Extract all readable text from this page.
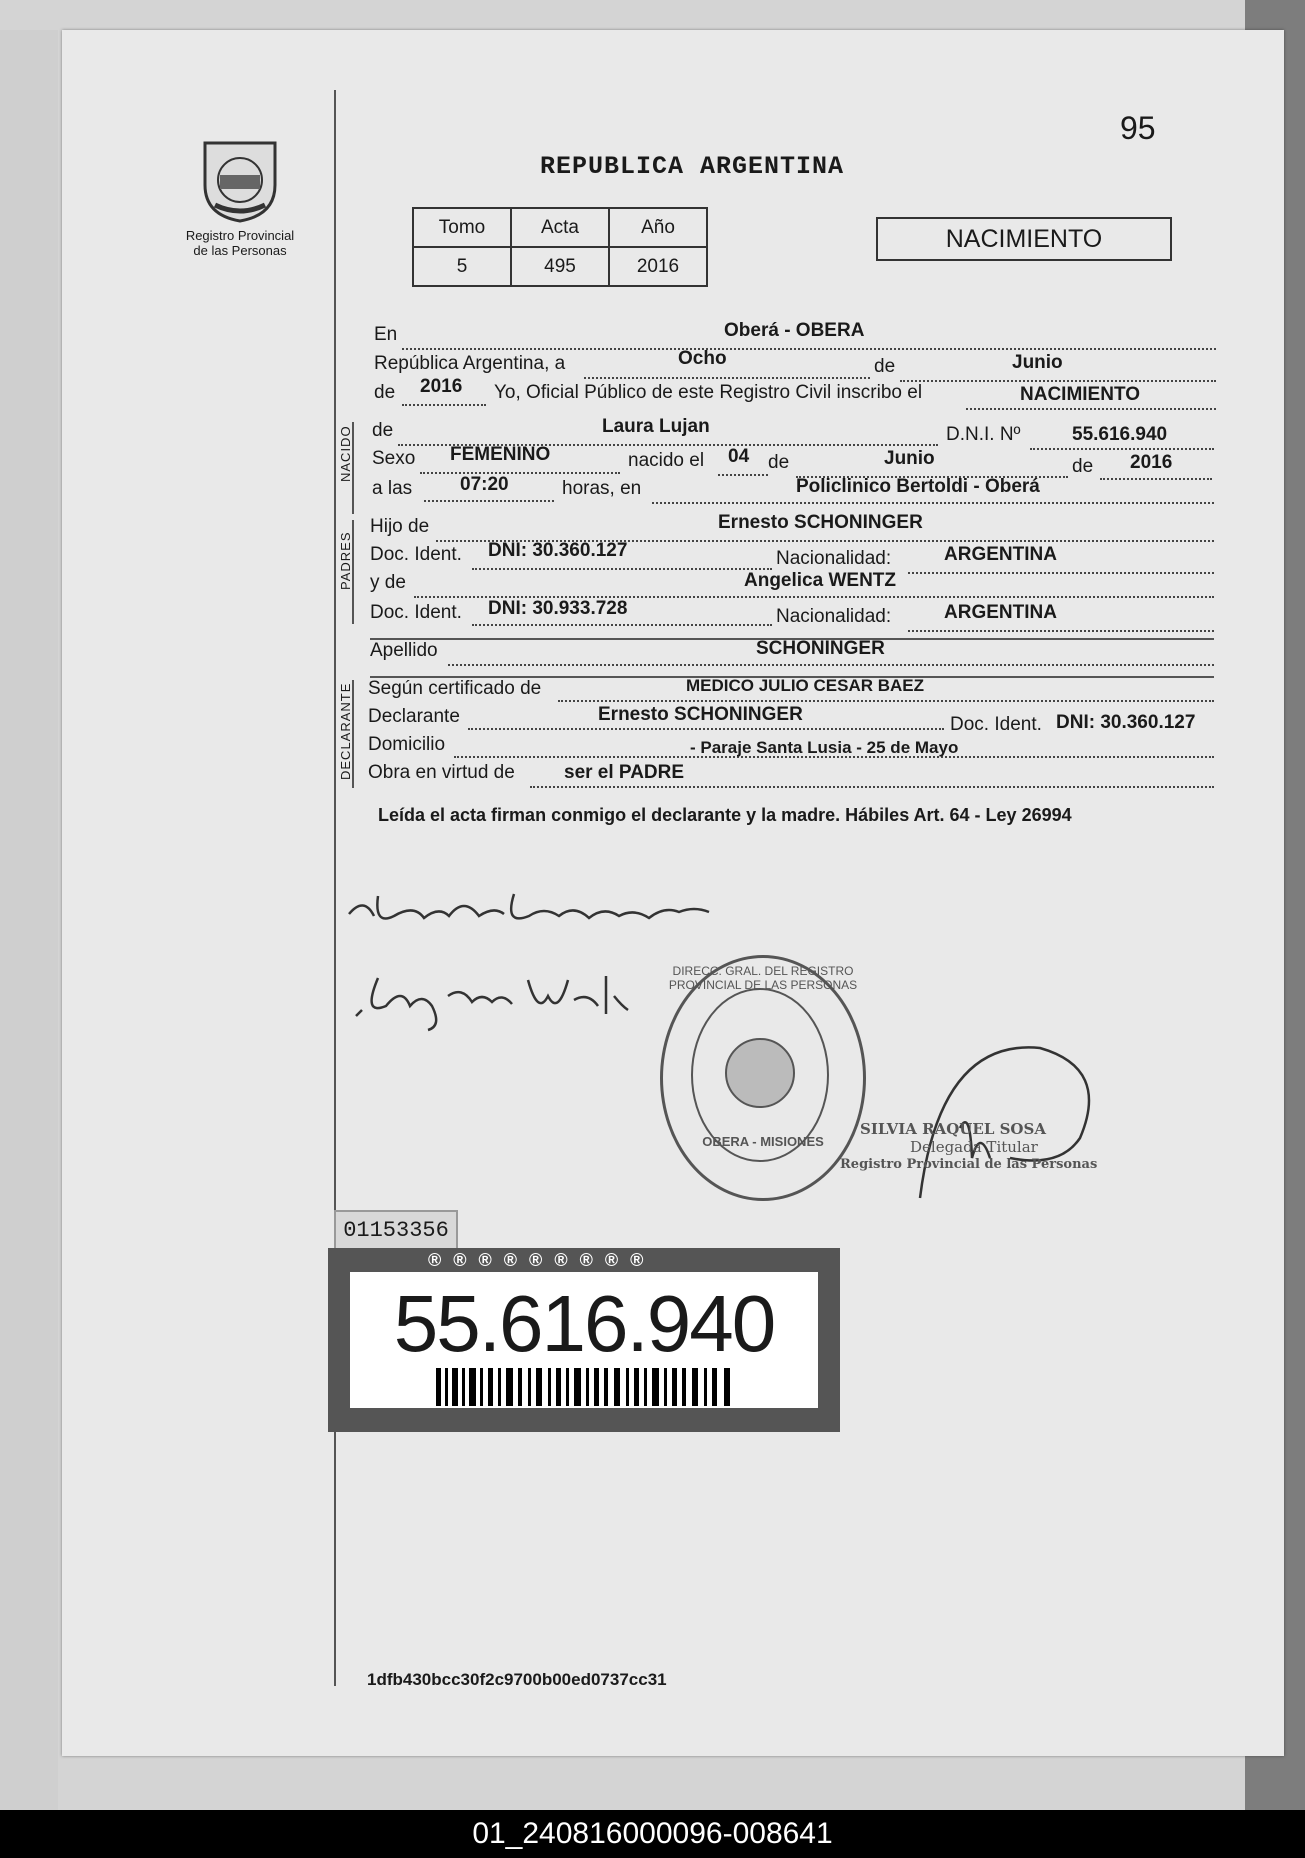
95
Registro Provincial de las Personas
REPUBLICA ARGENTINA
Tomo	Acta	Año
5	495	2016
NACIMIENTO
En	Oberá - OBERA
República Argentina, a	Ocho	de	Junio
de 2016 Yo, Oficial Público de este Registro Civil inscribo el	NACIMIENTO
NACIDO de	Laura Lujan	D.N.I. Nº	55.616.940
Sexo FEMENINO	nacido el 04 de	Junio	de 2016
a las	07:20	horas, en	Policlinico Bertoldi - Oberá
PADRES
Hijo de	Ernesto SCHONINGER
Doc. Ident. DNI: 30.360.127	Nacionalidad:	ARGENTINA
y de	Angelica WENTZ
Doc. Ident. DNI: 30.933.728	Nacionalidad:	ARGENTINA
Apellido	SCHONINGER
DECLARANTE Según certificado de	MEDICO JULIO CESAR BAEZ
Declarante	Ernesto SCHONINGER	Doc. Ident. DNI: 30.360.127
Domicilio	- Paraje Santa Lusia - 25 de Mayo
Obra en virtud de	ser el PADRE
Leída el acta firman conmigo el declarante y la madre. Hábiles Art. 64 - Ley 26994
DIRECC. GRAL. DEL REGISTRO PROVINCIAL DE LAS PERSONAS
OBERA - MISIONES
SILVIA RAQUEL SOSA
Delegada Titular
Registro Provincial de las Personas
01153356
®®®®®®®®®
55.616.940
1dfb430bcc30f2c9700b00ed0737cc31
01_240816000096-008641
